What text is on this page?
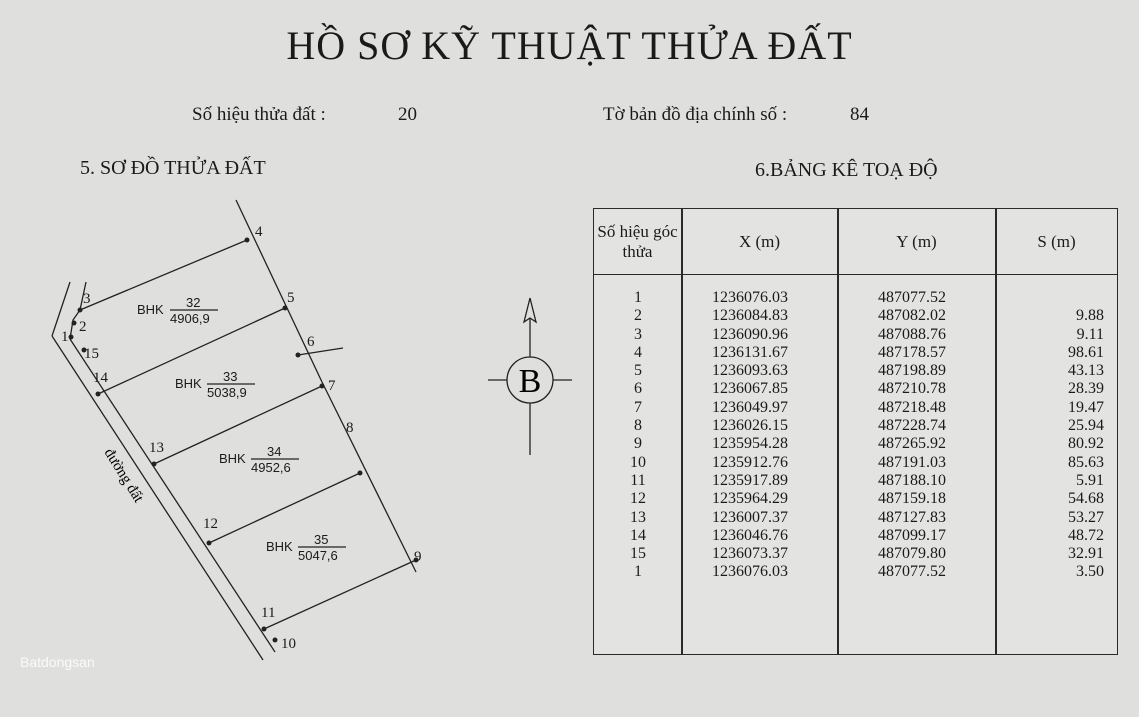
HỒ SƠ KỸ THUẬT THỬA ĐẤT
Số hiệu thửa đất :	20	Tờ bản đồ địa chính số :	84
5. SƠ ĐỒ THỬA ĐẤT	6.BẢNG KÊ TOẠ ĐỘ
1
2
3
4
5
6
7
8
9
10
11
12
13
14
15
BHK 32
4906,9
BHK 33
5038,9
BHK 34
4952,6
BHK 35
5047,6
đường đất
B
Số hiệu góc thửa
X (m)	Y (m)	S (m)
1	1236076.03	487077.52
2	1236084.83	487082.02	9.88
3	1236090.96	487088.76	9.11
4	1236131.67	487178.57	98.61
5	1236093.63	487198.89	43.13
6	1236067.85	487210.78	28.39
7	1236049.97	487218.48	19.47
8	1236026.15	487228.74	25.94
9	1235954.28	487265.92	80.92
10	1235912.76	487191.03	85.63
11	1235917.89	487188.10	5.91
12	1235964.29	487159.18	54.68
13	1236007.37	487127.83	53.27
14	1236046.76	487099.17	48.72
15	1236073.37	487079.80	32.91
1	1236076.03	487077.52	3.50
Batdongsan
